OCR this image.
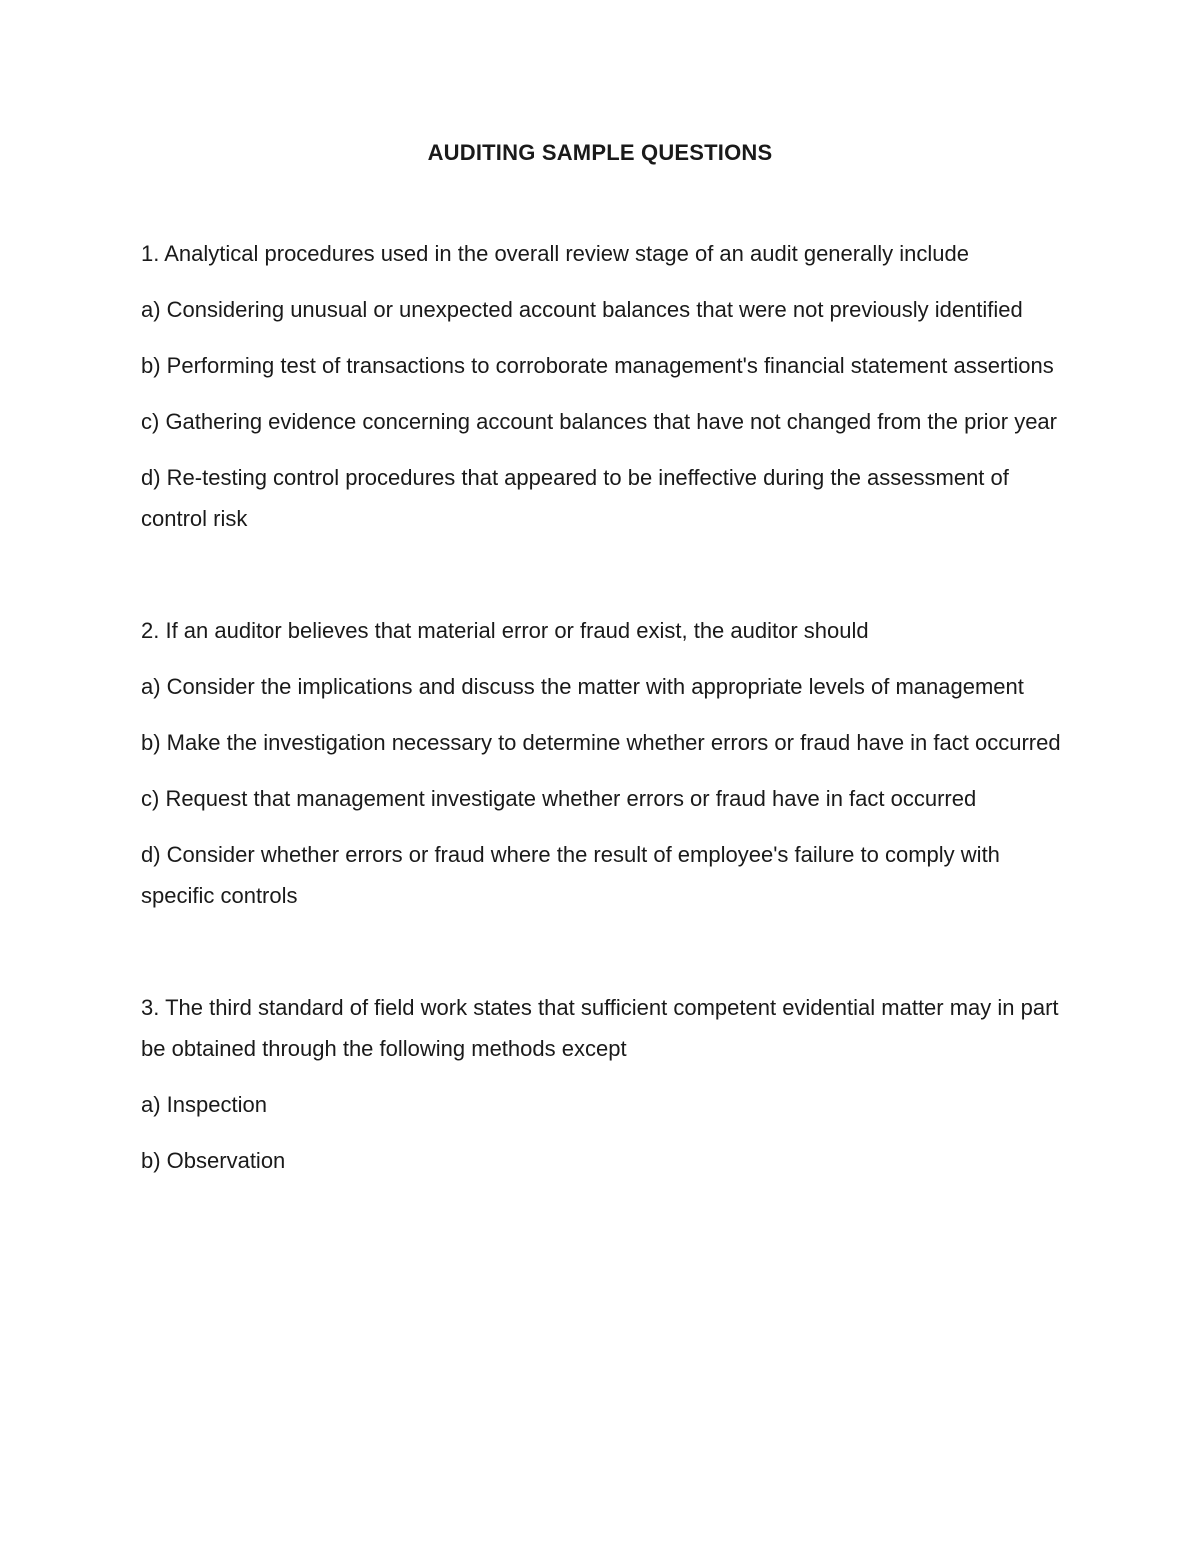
AUDITING SAMPLE QUESTIONS

1. Analytical procedures used in the overall review stage of an audit generally include

a) Considering unusual or unexpected account balances that were not previously identified

b) Performing test of transactions to corroborate management's financial statement assertions

c) Gathering evidence concerning account balances that have not changed from the prior year

d) Re-testing control procedures that appeared to be ineffective during the assessment of control risk

2. If an auditor believes that material error or fraud exist, the auditor should

a) Consider the implications and discuss the matter with appropriate levels of management

b) Make the investigation necessary to determine whether errors or fraud have in fact occurred

c) Request that management investigate whether errors or fraud have in fact occurred

d) Consider whether errors or fraud where the result of employee's failure to comply with specific controls

3. The third standard of field work states that sufficient competent evidential matter may in part be obtained through the following methods except

a) Inspection

b) Observation
